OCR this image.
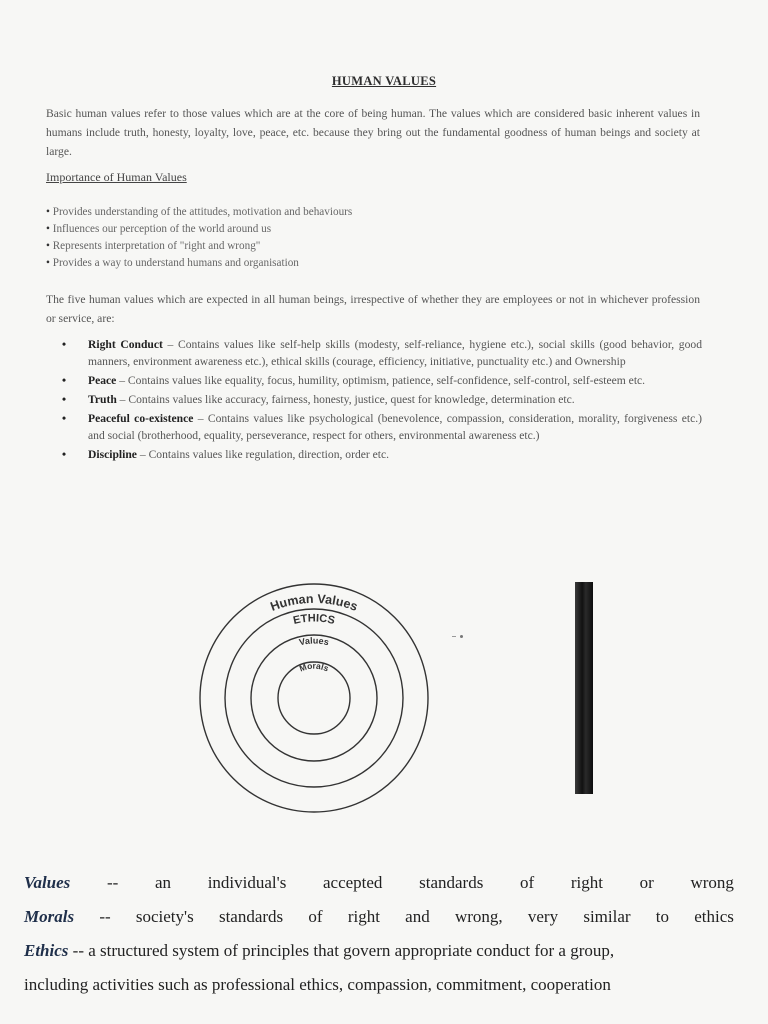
HUMAN VALUES
Basic human values refer to those values which are at the core of being human. The values which are considered basic inherent values in humans include truth, honesty, loyalty, love, peace, etc. because they bring out the fundamental goodness of human beings and society at large.
Importance of Human Values
• Provides understanding of the attitudes, motivation and behaviours
• Influences our perception of the world around us
• Represents interpretation of "right and wrong"
• Provides a way to understand humans and organisation
The five human values which are expected in all human beings, irrespective of whether they are employees or not in whichever profession or service, are:
• Right Conduct – Contains values like self-help skills (modesty, self-reliance, hygiene etc.), social skills (good behavior, good manners, environment awareness etc.), ethical skills (courage, efficiency, initiative, punctuality etc.) and Ownership
• Peace – Contains values like equality, focus, humility, optimism, patience, self-confidence, self-control, self-esteem etc.
• Truth – Contains values like accuracy, fairness, honesty, justice, quest for knowledge, determination etc.
• Peaceful co-existence – Contains values like psychological (benevolence, compassion, consideration, morality, forgiveness etc.) and social (brotherhood, equality, perseverance, respect for others, environmental awareness etc.)
• Discipline – Contains values like regulation, direction, order etc.
Human Values
ETHICS
Values
Morals
Values -- an individual's accepted standards of right or wrong
Morals -- society's standards of right and wrong, very similar to ethics
Ethics -- a structured system of principles that govern appropriate conduct for a group,
including activities such as professional ethics, compassion, commitment, cooperation
